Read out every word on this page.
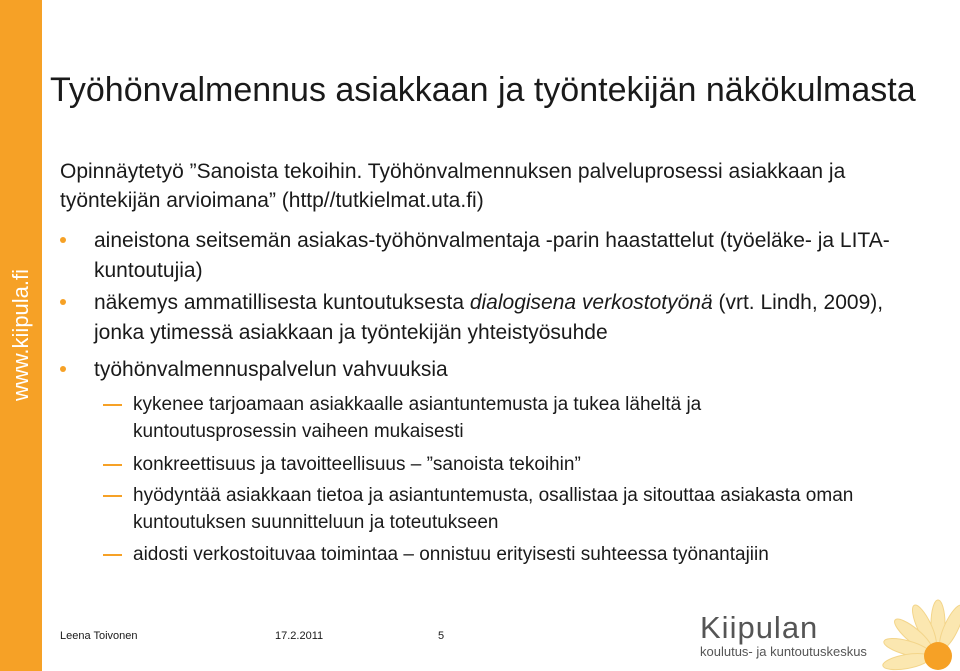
www.kiipula.fi
Työhönvalmennus asiakkaan ja työntekijän näkökulmasta
Opinnäytetyö ”Sanoista tekoihin. Työhönvalmennuksen palveluprosessi asiakkaan ja työntekijän arvioimana” (http//tutkielmat.uta.fi)
aineistona seitsemän asiakas-työhönvalmentaja -parin haastattelut (työeläke- ja LITA-kuntoutujia)
näkemys ammatillisesta kuntoutuksesta dialogisena verkostotyönä (vrt. Lindh, 2009), jonka ytimessä asiakkaan ja työntekijän yhteistyösuhde
työhönvalmennuspalvelun vahvuuksia
kykenee tarjoamaan asiakkaalle asiantuntemusta ja tukea läheltä ja kuntoutusprosessin vaiheen mukaisesti
konkreettisuus ja tavoitteellisuus – ”sanoista tekoihin”
hyödyntää asiakkaan tietoa ja asiantuntemusta, osallistaa ja sitouttaa asiakasta oman kuntoutuksen suunnitteluun ja toteutukseen
aidosti verkostoituvaa toimintaa – onnistuu erityisesti suhteessa työnantajiin
Leena Toivonen	17.2.2011	5	Kiipulan
koulutus- ja kuntoutuskeskus
